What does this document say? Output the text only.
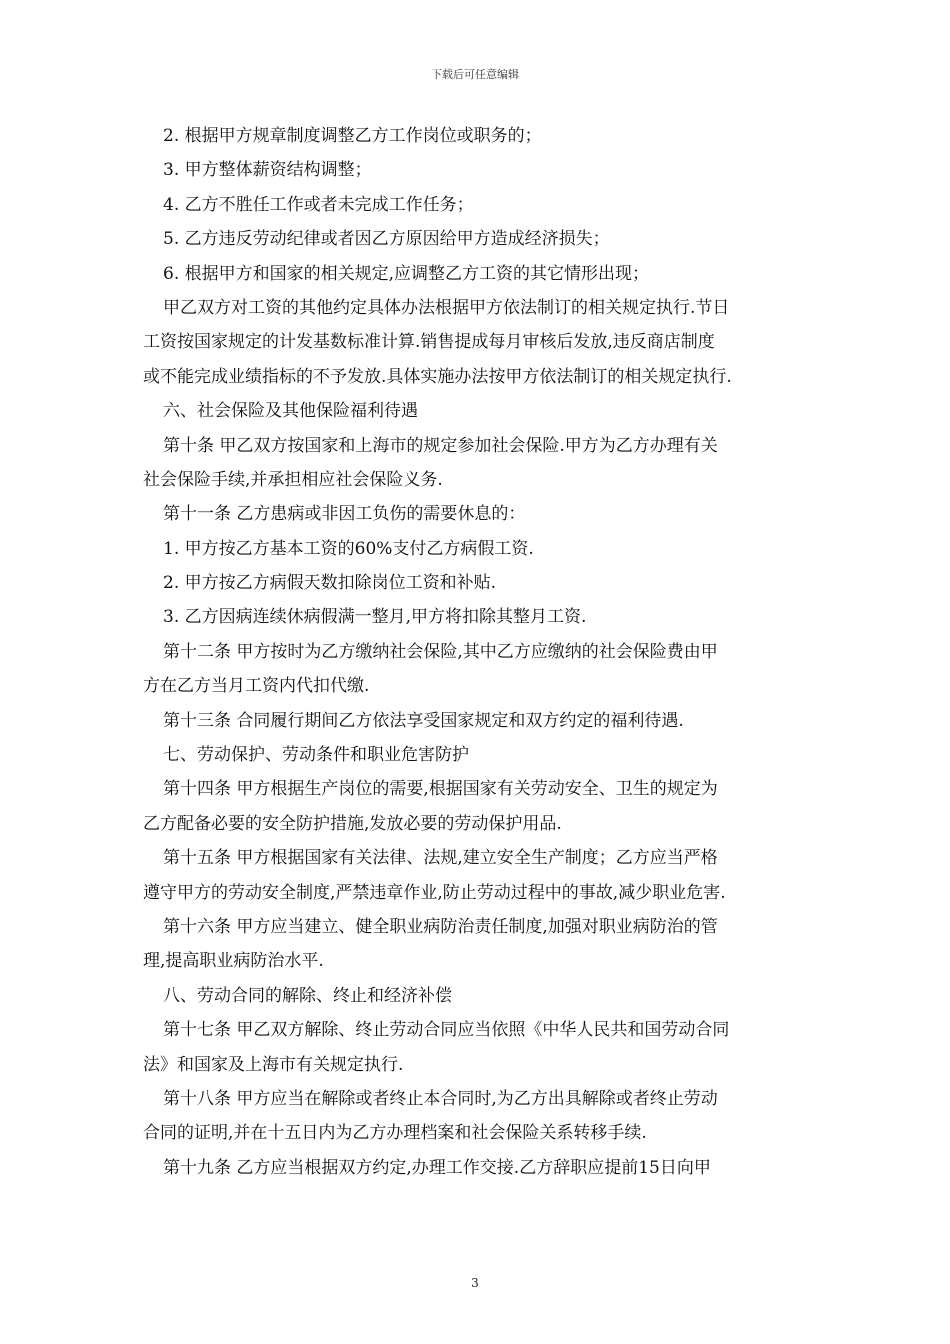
下载后可任意编辑
2. 根据甲方规章制度调整乙方工作岗位或职务的；
3. 甲方整体薪资结构调整；
4. 乙方不胜任工作或者未完成工作任务；
5. 乙方违反劳动纪律或者因乙方原因给甲方造成经济损失；
6. 根据甲方和国家的相关规定,应调整乙方工资的其它情形出现；
甲乙双方对工资的其他约定具体办法根据甲方依法制订的相关规定执行.节日
工资按国家规定的计发基数标准计算.销售提成每月审核后发放,违反商店制度
或不能完成业绩指标的不予发放.具体实施办法按甲方依法制订的相关规定执行.
六、社会保险及其他保险福利待遇
第十条 甲乙双方按国家和上海市的规定参加社会保险.甲方为乙方办理有关
社会保险手续,并承担相应社会保险义务.
第十一条 乙方患病或非因工负伤的需要休息的：
1. 甲方按乙方基本工资的60%支付乙方病假工资.
2. 甲方按乙方病假天数扣除岗位工资和补贴.
3. 乙方因病连续休病假满一整月,甲方将扣除其整月工资.
第十二条 甲方按时为乙方缴纳社会保险,其中乙方应缴纳的社会保险费由甲
方在乙方当月工资内代扣代缴.
第十三条 合同履行期间乙方依法享受国家规定和双方约定的福利待遇.
七、劳动保护、劳动条件和职业危害防护
第十四条 甲方根据生产岗位的需要,根据国家有关劳动安全、卫生的规定为
乙方配备必要的安全防护措施,发放必要的劳动保护用品.
第十五条 甲方根据国家有关法律、法规,建立安全生产制度；乙方应当严格
遵守甲方的劳动安全制度,严禁违章作业,防止劳动过程中的事故,减少职业危害.
第十六条 甲方应当建立、健全职业病防治责任制度,加强对职业病防治的管
理,提高职业病防治水平.
八、劳动合同的解除、终止和经济补偿
第十七条 甲乙双方解除、终止劳动合同应当依照《中华人民共和国劳动合同
法》和国家及上海市有关规定执行.
第十八条 甲方应当在解除或者终止本合同时,为乙方出具解除或者终止劳动
合同的证明,并在十五日内为乙方办理档案和社会保险关系转移手续.
第十九条 乙方应当根据双方约定,办理工作交接.乙方辞职应提前15日向甲
3
